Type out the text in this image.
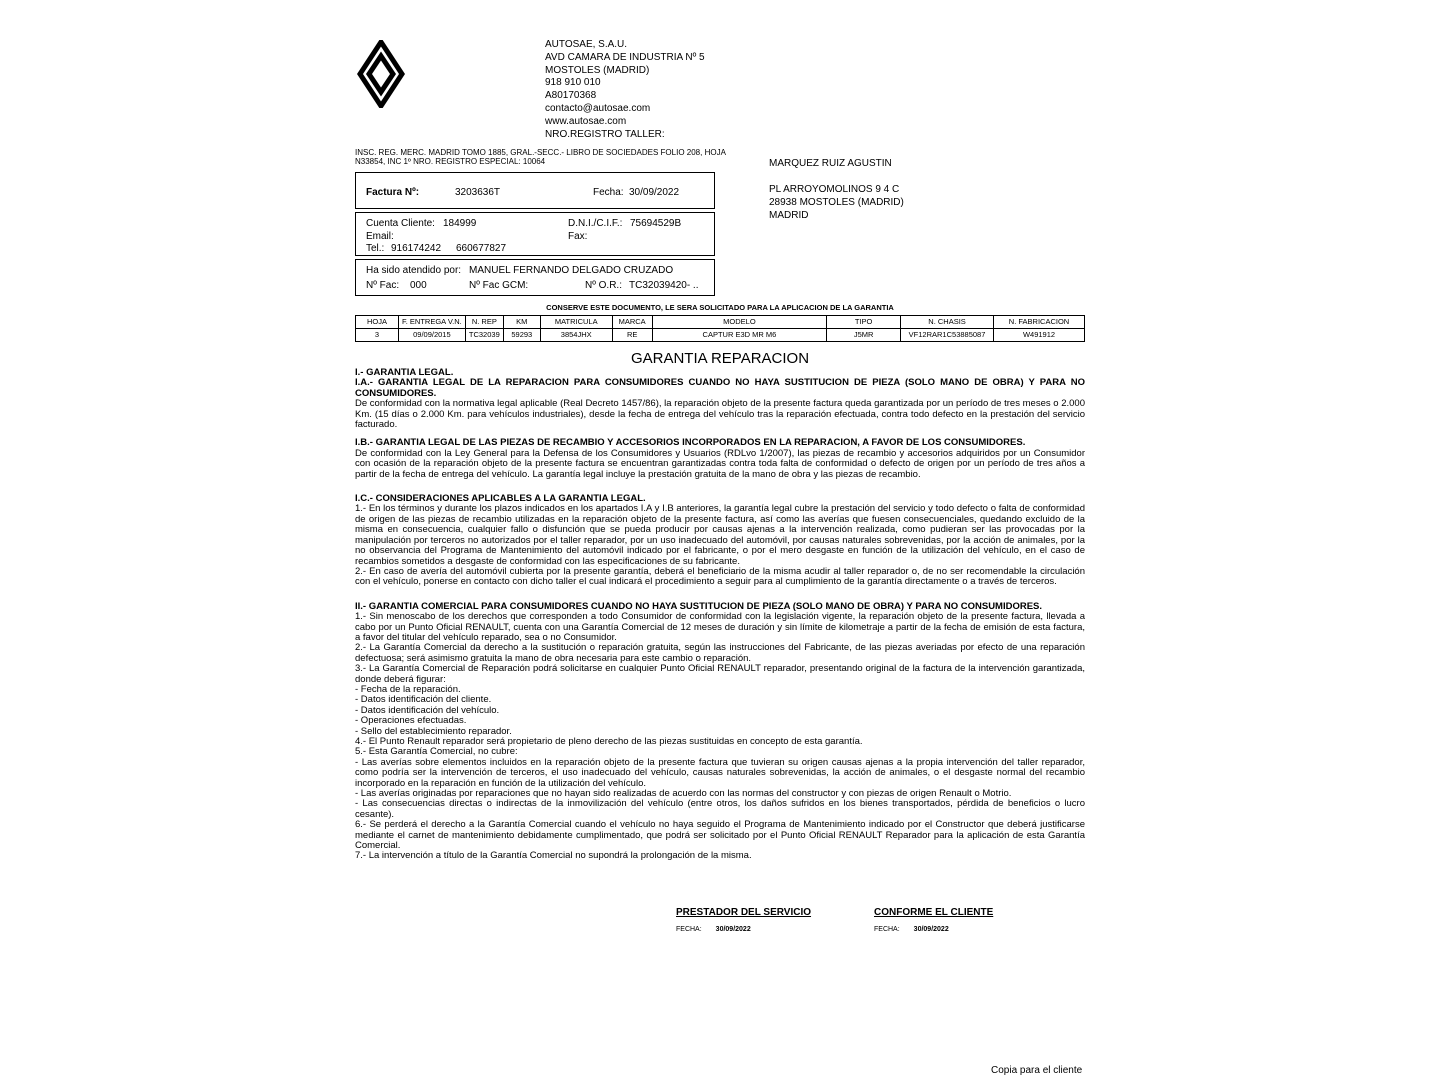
AUTOSAE, S.A.U.
AVD CAMARA DE INDUSTRIA Nº 5
MOSTOLES (MADRID)
918 910 010
A80170368
contacto@autosae.com
www.autosae.com
NRO.REGISTRO TALLER:
INSC. REG. MERC. MADRID TOMO 1885, GRAL.-SECC.- LIBRO DE SOCIEDADES FOLIO 208, HOJA N33854, INC 1º NRO. REGISTRO ESPECIAL: 10064
Factura Nº:	3203636T	Fecha: 30/09/2022
Cuenta Cliente: 184999	D.N.I./C.I.F.: 75694529B
Email:	Fax:
Tel.: 916174242 660677827
Ha sido atendido por: MANUEL FERNANDO DELGADO CRUZADO
Nº Fac: 000	Nº Fac GCM:	Nº O.R.: TC32039420- ..
MARQUEZ RUIZ AGUSTIN
PL ARROYOMOLINOS 9 4 C
28938 MOSTOLES (MADRID)
MADRID
CONSERVE ESTE DOCUMENTO, LE SERA SOLICITADO PARA LA APLICACION DE LA GARANTIA
HOJA	F. ENTREGA V.N.	N. REP	KM	MATRICULA	MARCA	MODELO	TIPO	N. CHASIS	N. FABRICACION
3	09/09/2015	TC32039	59293	3854JHX	RE	CAPTUR E3D MR M6	J5MR	VF12RAR1C53885087	W491912
GARANTIA REPARACION

I.- GARANTIA LEGAL.

I.A.- GARANTIA LEGAL DE LA REPARACION PARA CONSUMIDORES CUANDO NO HAYA SUSTITUCION DE PIEZA (SOLO MANO DE OBRA) Y PARA NO CONSUMIDORES.

De conformidad con la normativa legal aplicable (Real Decreto 1457/86), la reparación objeto de la presente factura queda garantizada por un período de tres meses o 2.000 Km. (15 días o 2.000 Km. para vehículos industriales), desde la fecha de entrega del vehículo tras la reparación efectuada, contra todo defecto en la prestación del servicio facturado.

I.B.- GARANTIA LEGAL DE LAS PIEZAS DE RECAMBIO Y ACCESORIOS INCORPORADOS EN LA REPARACION, A FAVOR DE LOS CONSUMIDORES.

De conformidad con la Ley General para la Defensa de los Consumidores y Usuarios (RDLvo 1/2007), las piezas de recambio y accesorios adquiridos por un Consumidor con ocasión de la reparación objeto de la presente factura se encuentran garantizadas contra toda falta de conformidad o defecto de origen por un período de tres años a partir de la fecha de entrega del vehículo. La garantía legal incluye la prestación gratuita de la mano de obra y las piezas de recambio.

I.C.- CONSIDERACIONES APLICABLES A LA GARANTIA LEGAL.

1.- En los términos y durante los plazos indicados en los apartados I.A y I.B anteriores, la garantía legal cubre la prestación del servicio y todo defecto o falta de conformidad de origen de las piezas de recambio utilizadas en la reparación objeto de la presente factura, así como las averías que fuesen consecuenciales, quedando excluido de la misma en consecuencia, cualquier fallo o disfunción que se pueda producir por causas ajenas a la intervención realizada, como pudieran ser las provocadas por la manipulación por terceros no autorizados por el taller reparador, por un uso inadecuado del automóvil, por causas naturales sobrevenidas, por la acción de animales, por la no observancia del Programa de Mantenimiento del automóvil indicado por el fabricante, o por el mero desgaste en función de la utilización del vehículo, en el caso de recambios sometidos a desgaste de conformidad con las especificaciones de su fabricante.

2.- En caso de avería del automóvil cubierta por la presente garantía, deberá el beneficiario de la misma acudir al taller reparador o, de no ser recomendable la circulación con el vehículo, ponerse en contacto con dicho taller el cual indicará el procedimiento a seguir para al cumplimiento de la garantía directamente o a través de terceros.

II.- GARANTIA COMERCIAL PARA CONSUMIDORES CUANDO NO HAYA SUSTITUCION DE PIEZA (SOLO MANO DE OBRA) Y PARA NO CONSUMIDORES.

1.- Sin menoscabo de los derechos que corresponden a todo Consumidor de conformidad con la legislación vigente, la reparación objeto de la presente factura, llevada a cabo por un Punto Oficial RENAULT, cuenta con una Garantía Comercial de 12 meses de duración y sin límite de kilometraje a partir de la fecha de emisión de esta factura, a favor del titular del vehículo reparado, sea o no Consumidor.

2.- La Garantía Comercial da derecho a la sustitución o reparación gratuita, según las instrucciones del Fabricante, de las piezas averiadas por efecto de una reparación defectuosa; será asimismo gratuita la mano de obra necesaria para este cambio o reparación.

3.- La Garantía Comercial de Reparación podrá solicitarse en cualquier Punto Oficial RENAULT reparador, presentando original de la factura de la intervención garantizada, donde deberá figurar:

- Fecha de la reparación.

- Datos identificación del cliente.

- Datos identificación del vehículo.

- Operaciones efectuadas.

- Sello del establecimiento reparador.

4.- El Punto Renault reparador será propietario de pleno derecho de las piezas sustituidas en concepto de esta garantía.

5.- Esta Garantía Comercial, no cubre:

- Las averías sobre elementos incluidos en la reparación objeto de la presente factura que tuvieran su origen causas ajenas a la propia intervención del taller reparador, como podría ser la intervención de terceros, el uso inadecuado del vehículo, causas naturales sobrevenidas, la acción de animales, o el desgaste normal del recambio incorporado en la reparación en función de la utilización del vehículo.

- Las averías originadas por reparaciones que no hayan sido realizadas de acuerdo con las normas del constructor y con piezas de origen Renault o Motrio.

- Las consecuencias directas o indirectas de la inmovilización del vehículo (entre otros, los daños sufridos en los bienes transportados, pérdida de beneficios o lucro cesante).

6.- Se perderá el derecho a la Garantía Comercial cuando el vehículo no haya seguido el Programa de Mantenimiento indicado por el Constructor que deberá justificarse mediante el carnet de mantenimiento debidamente cumplimentado, que podrá ser solicitado por el Punto Oficial RENAULT Reparador para la aplicación de esta Garantía Comercial.

7.- La intervención a título de la Garantía Comercial no supondrá la prolongación de la misma.

PRESTADOR DEL SERVICIO	CONFORME EL CLIENTE
FECHA: 30/09/2022	FECHA: 30/09/2022
Copia para el cliente
